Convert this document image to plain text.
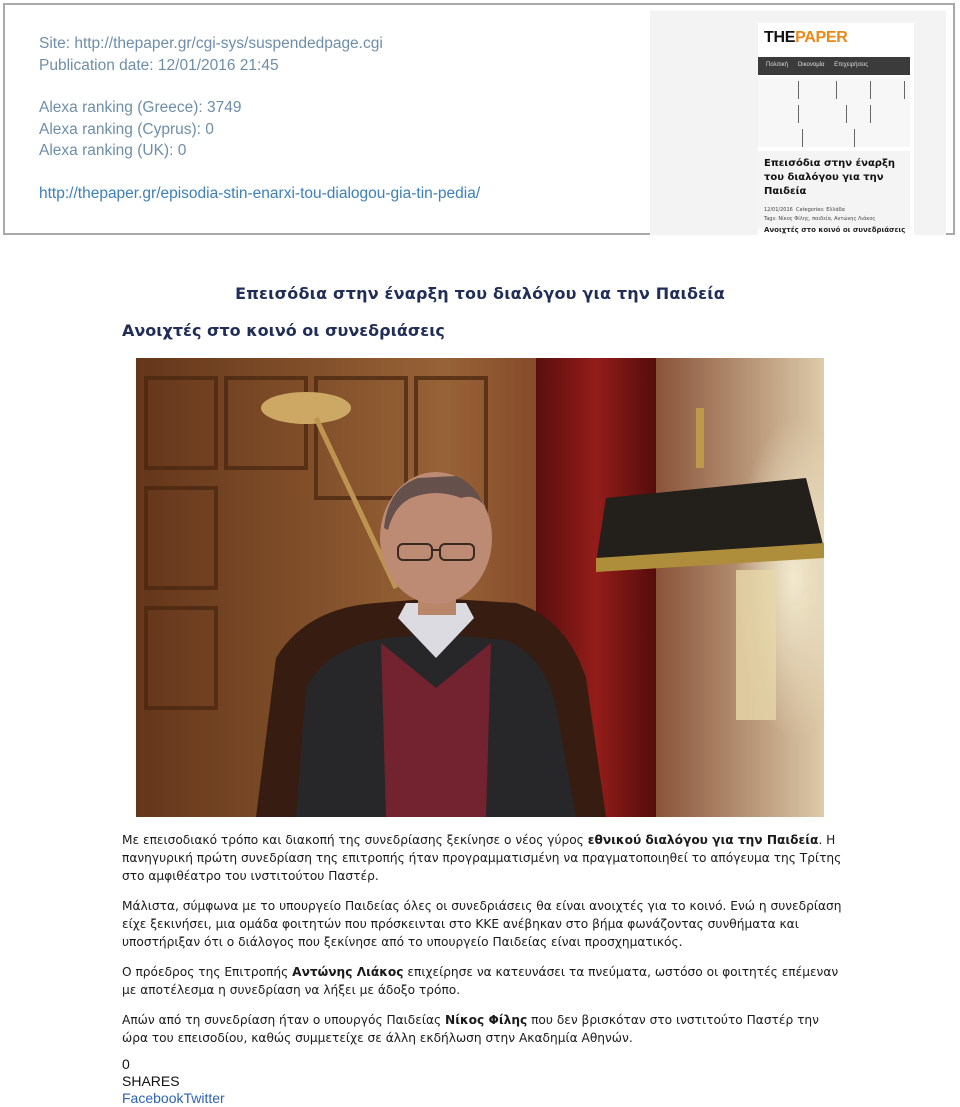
Site: http://thepaper.gr/cgi-sys/suspendedpage.cgi
Publication date: 12/01/2016 21:45
Alexa ranking (Greece): 3749
Alexa ranking (Cyprus): 0
Alexa ranking (UK): 0
http://thepaper.gr/episodia-stin-enarxi-tou-dialogou-gia-tin-pedia/
THEPAPER
Πολιτική Οικονομία Επιχειρήσεις
Επεισόδια στην έναρξη του διαλόγου για την Παιδεία
12/01/2016 Categories: Ελλάδα
Tags: Νίκος Φίλης, παιδεία, Αντώνης Λιάκος
Ανοιχτές στο κοινό οι συνεδριάσεις
Επεισόδια στην έναρξη του διαλόγου για την Παιδεία
Ανοιχτές στο κοινό οι συνεδριάσεις

Με επεισοδιακό τρόπο και διακοπή της συνεδρίασης ξεκίνησε ο νέος γύρος εθνικού διαλόγου για την Παιδεία. Η πανηγυρική πρώτη συνεδρίαση της επιτροπής ήταν προγραμματισμένη να πραγματοποιηθεί το απόγευμα της Τρίτης στο αμφιθέατρο του ινστιτούτου Παστέρ.

Μάλιστα, σύμφωνα με το υπουργείο Παιδείας όλες οι συνεδριάσεις θα είναι ανοιχτές για το κοινό. Ενώ η συνεδρίαση είχε ξεκινήσει, μια ομάδα φοιτητών που πρόσκεινται στο ΚΚΕ ανέβηκαν στο βήμα φωνάζοντας συνθήματα και υποστήριξαν ότι ο διάλογος που ξεκίνησε από το υπουργείο Παιδείας είναι προσχηματικός.

Ο πρόεδρος της Επιτροπής Αντώνης Λιάκος επιχείρησε να κατευνάσει τα πνεύματα, ωστόσο οι φοιτητές επέμεναν με αποτέλεσμα η συνεδρίαση να λήξει με άδοξο τρόπο.

Απών από τη συνεδρίαση ήταν ο υπουργός Παιδείας Νίκος Φίλης που δεν βρισκόταν στο ινστιτούτο Παστέρ την ώρα του επεισοδίου, καθώς συμμετείχε σε άλλη εκδήλωση στην Ακαδημία Αθηνών.

0
SHARES
FacebookTwitter
